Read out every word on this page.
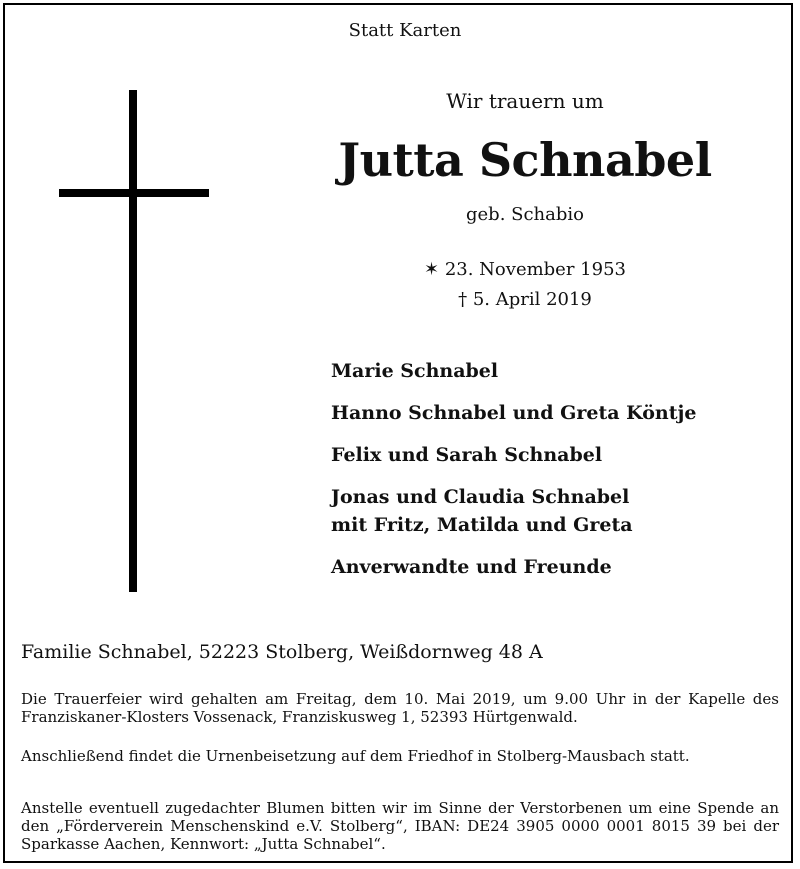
Statt Karten
Wir trauern um
Jutta Schnabel
geb. Schabio
✶ 23. November 1953
† 5. April 2019
Marie Schnabel
Hanno Schnabel und Greta Köntje
Felix und Sarah Schnabel
Jonas und Claudia Schnabel
mit Fritz, Matilda und Greta
Anverwandte und Freunde
Familie Schnabel, 52223 Stolberg, Weißdornweg 48 A
Die Trauerfeier wird gehalten am Freitag, dem 10. Mai 2019, um 9.00 Uhr in der Kapelle des Franziskaner-Klosters Vossenack, Franziskusweg 1, 52393 Hürtgenwald.
Anschließend findet die Urnenbeisetzung auf dem Friedhof in Stolberg-Mausbach statt.
Anstelle eventuell zugedachter Blumen bitten wir im Sinne der Verstorbenen um eine Spende an den „Förderverein Menschenskind e.V. Stolberg“, IBAN: DE24 3905 0000 0001 8015 39 bei der Sparkasse Aachen, Kennwort: „Jutta Schnabel“.
